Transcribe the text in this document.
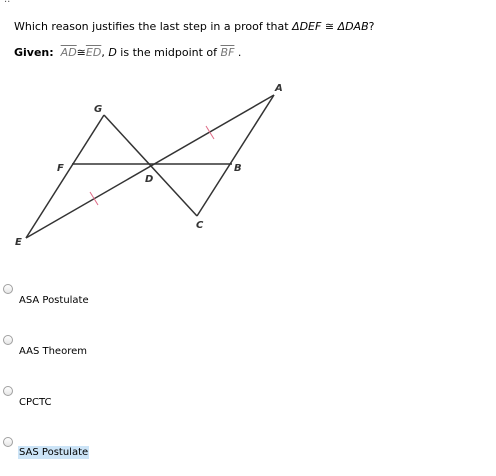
Which reason justifies the last step in a proof that ΔDEF ≅ ΔDAB?
Given: $\overline{AD}≅\overline{ED}$, D is the midpoint of $\overline{BF}$ .
A
B
C
D
E
F
G
ASA Postulate
AAS Theorem
CPCTC
SAS Postulate
